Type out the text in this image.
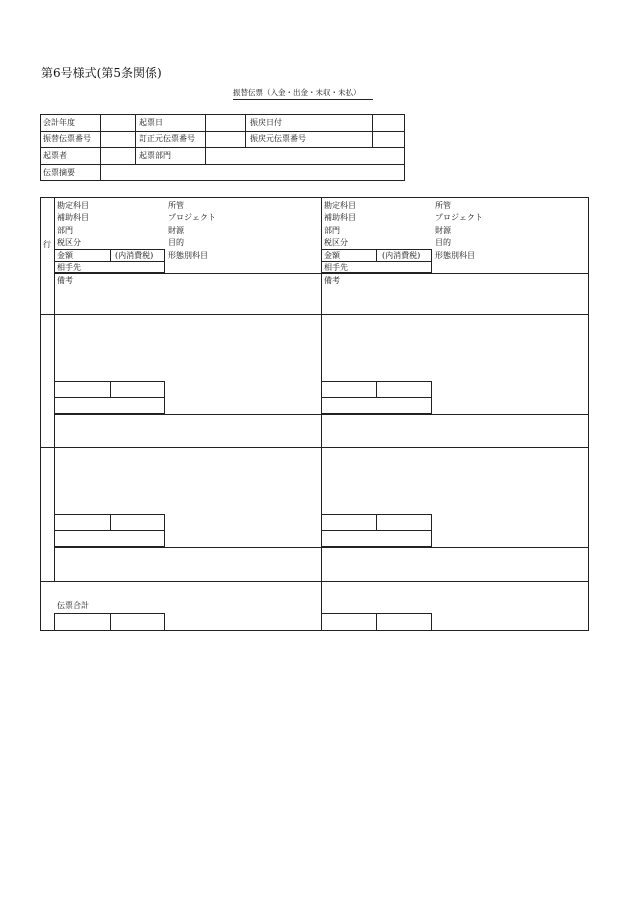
第6号様式(第5条関係)
振替伝票（入金・出金・未収・未払）
会計年度	起票日	振戻日付
振替伝票番号	訂正元伝票番号	振戻元伝票番号
起票者	起票部門
伝票摘要
行
勘定科目	所管
補助科目	プロジェクト
部門	財源
税区分	目的
金額	(内消費税) 形態別科目
相手先
備考
勘定科目	所管
補助科目	プロジェクト
部門	財源
税区分	目的
金額	(内消費税) 形態別科目
相手先
備考
伝票合計
